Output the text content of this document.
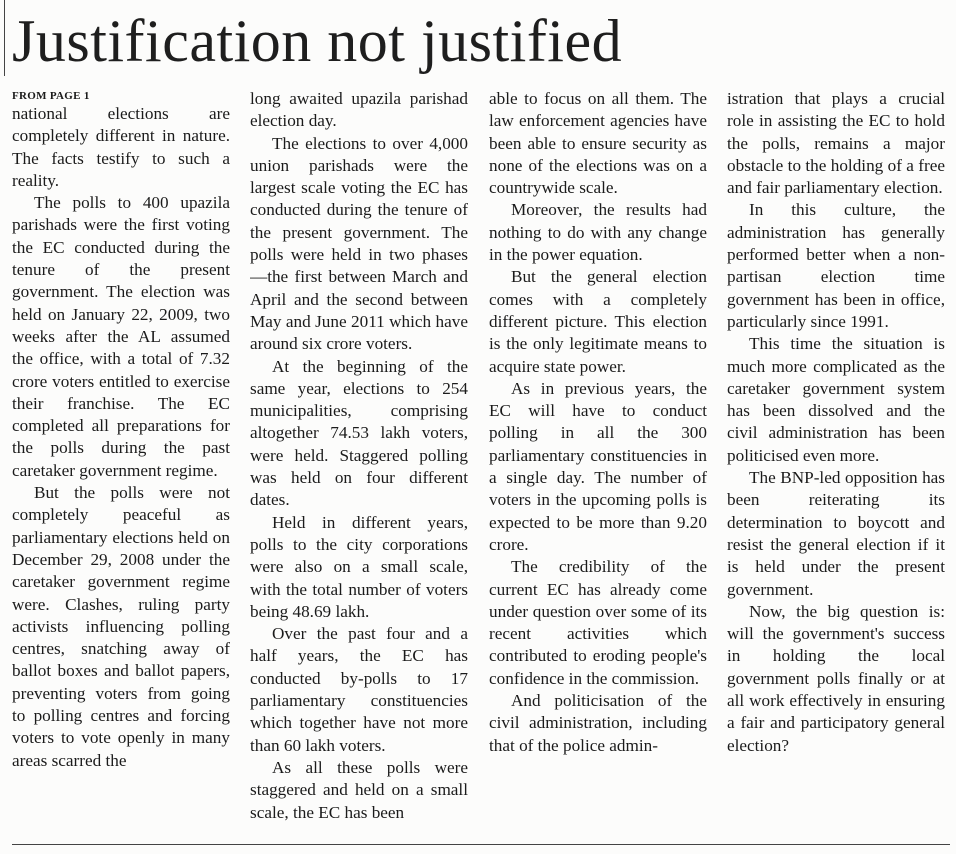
Justification not justified
FROM PAGE 1

national elections are completely different in nature. The facts testify to such a reality.

The polls to 400 upazila parishads were the first voting the EC conducted during the tenure of the present government. The election was held on January 22, 2009, two weeks after the AL assumed the office, with a total of 7.32 crore voters entitled to exercise their franchise. The EC completed all preparations for the polls during the past caretaker government regime.

But the polls were not completely peaceful as parliamentary elections held on December 29, 2008 under the caretaker government regime were. Clashes, ruling party activists influencing polling centres, snatching away of ballot boxes and ballot papers, preventing voters from going to polling centres and forcing voters to vote openly in many areas scarred the

long awaited upazila parishad election day.

The elections to over 4,000 union parishads were the largest scale voting the EC has conducted during the tenure of the present government. The polls were held in two phases—the first between March and April and the second between May and June 2011 which have around six crore voters.

At the beginning of the same year, elections to 254 municipalities, comprising altogether 74.53 lakh voters, were held. Staggered polling was held on four different dates.

Held in different years, polls to the city corporations were also on a small scale, with the total number of voters being 48.69 lakh.

Over the past four and a half years, the EC has conducted by-polls to 17 parliamentary constituencies which together have not more than 60 lakh voters.

As all these polls were staggered and held on a small scale, the EC has been

able to focus on all them. The law enforcement agencies have been able to ensure security as none of the elections was on a countrywide scale.

Moreover, the results had nothing to do with any change in the power equation.

But the general election comes with a completely different picture. This election is the only legitimate means to acquire state power.

As in previous years, the EC will have to conduct polling in all the 300 parliamentary constituencies in a single day. The number of voters in the upcoming polls is expected to be more than 9.20 crore.

The credibility of the current EC has already come under question over some of its recent activities which contributed to eroding people's confidence in the commission.

And politicisation of the civil administration, including that of the police admin-

istration that plays a crucial role in assisting the EC to hold the polls, remains a major obstacle to the holding of a free and fair parliamentary election.

In this culture, the administration has generally performed better when a non-partisan election time government has been in office, particularly since 1991.

This time the situation is much more complicated as the caretaker government system has been dissolved and the civil administration has been politicised even more.

The BNP-led opposition has been reiterating its determination to boycott and resist the general election if it is held under the present government.

Now, the big question is: will the government's success in holding the local government polls finally or at all work effectively in ensuring a fair and participatory general election?
